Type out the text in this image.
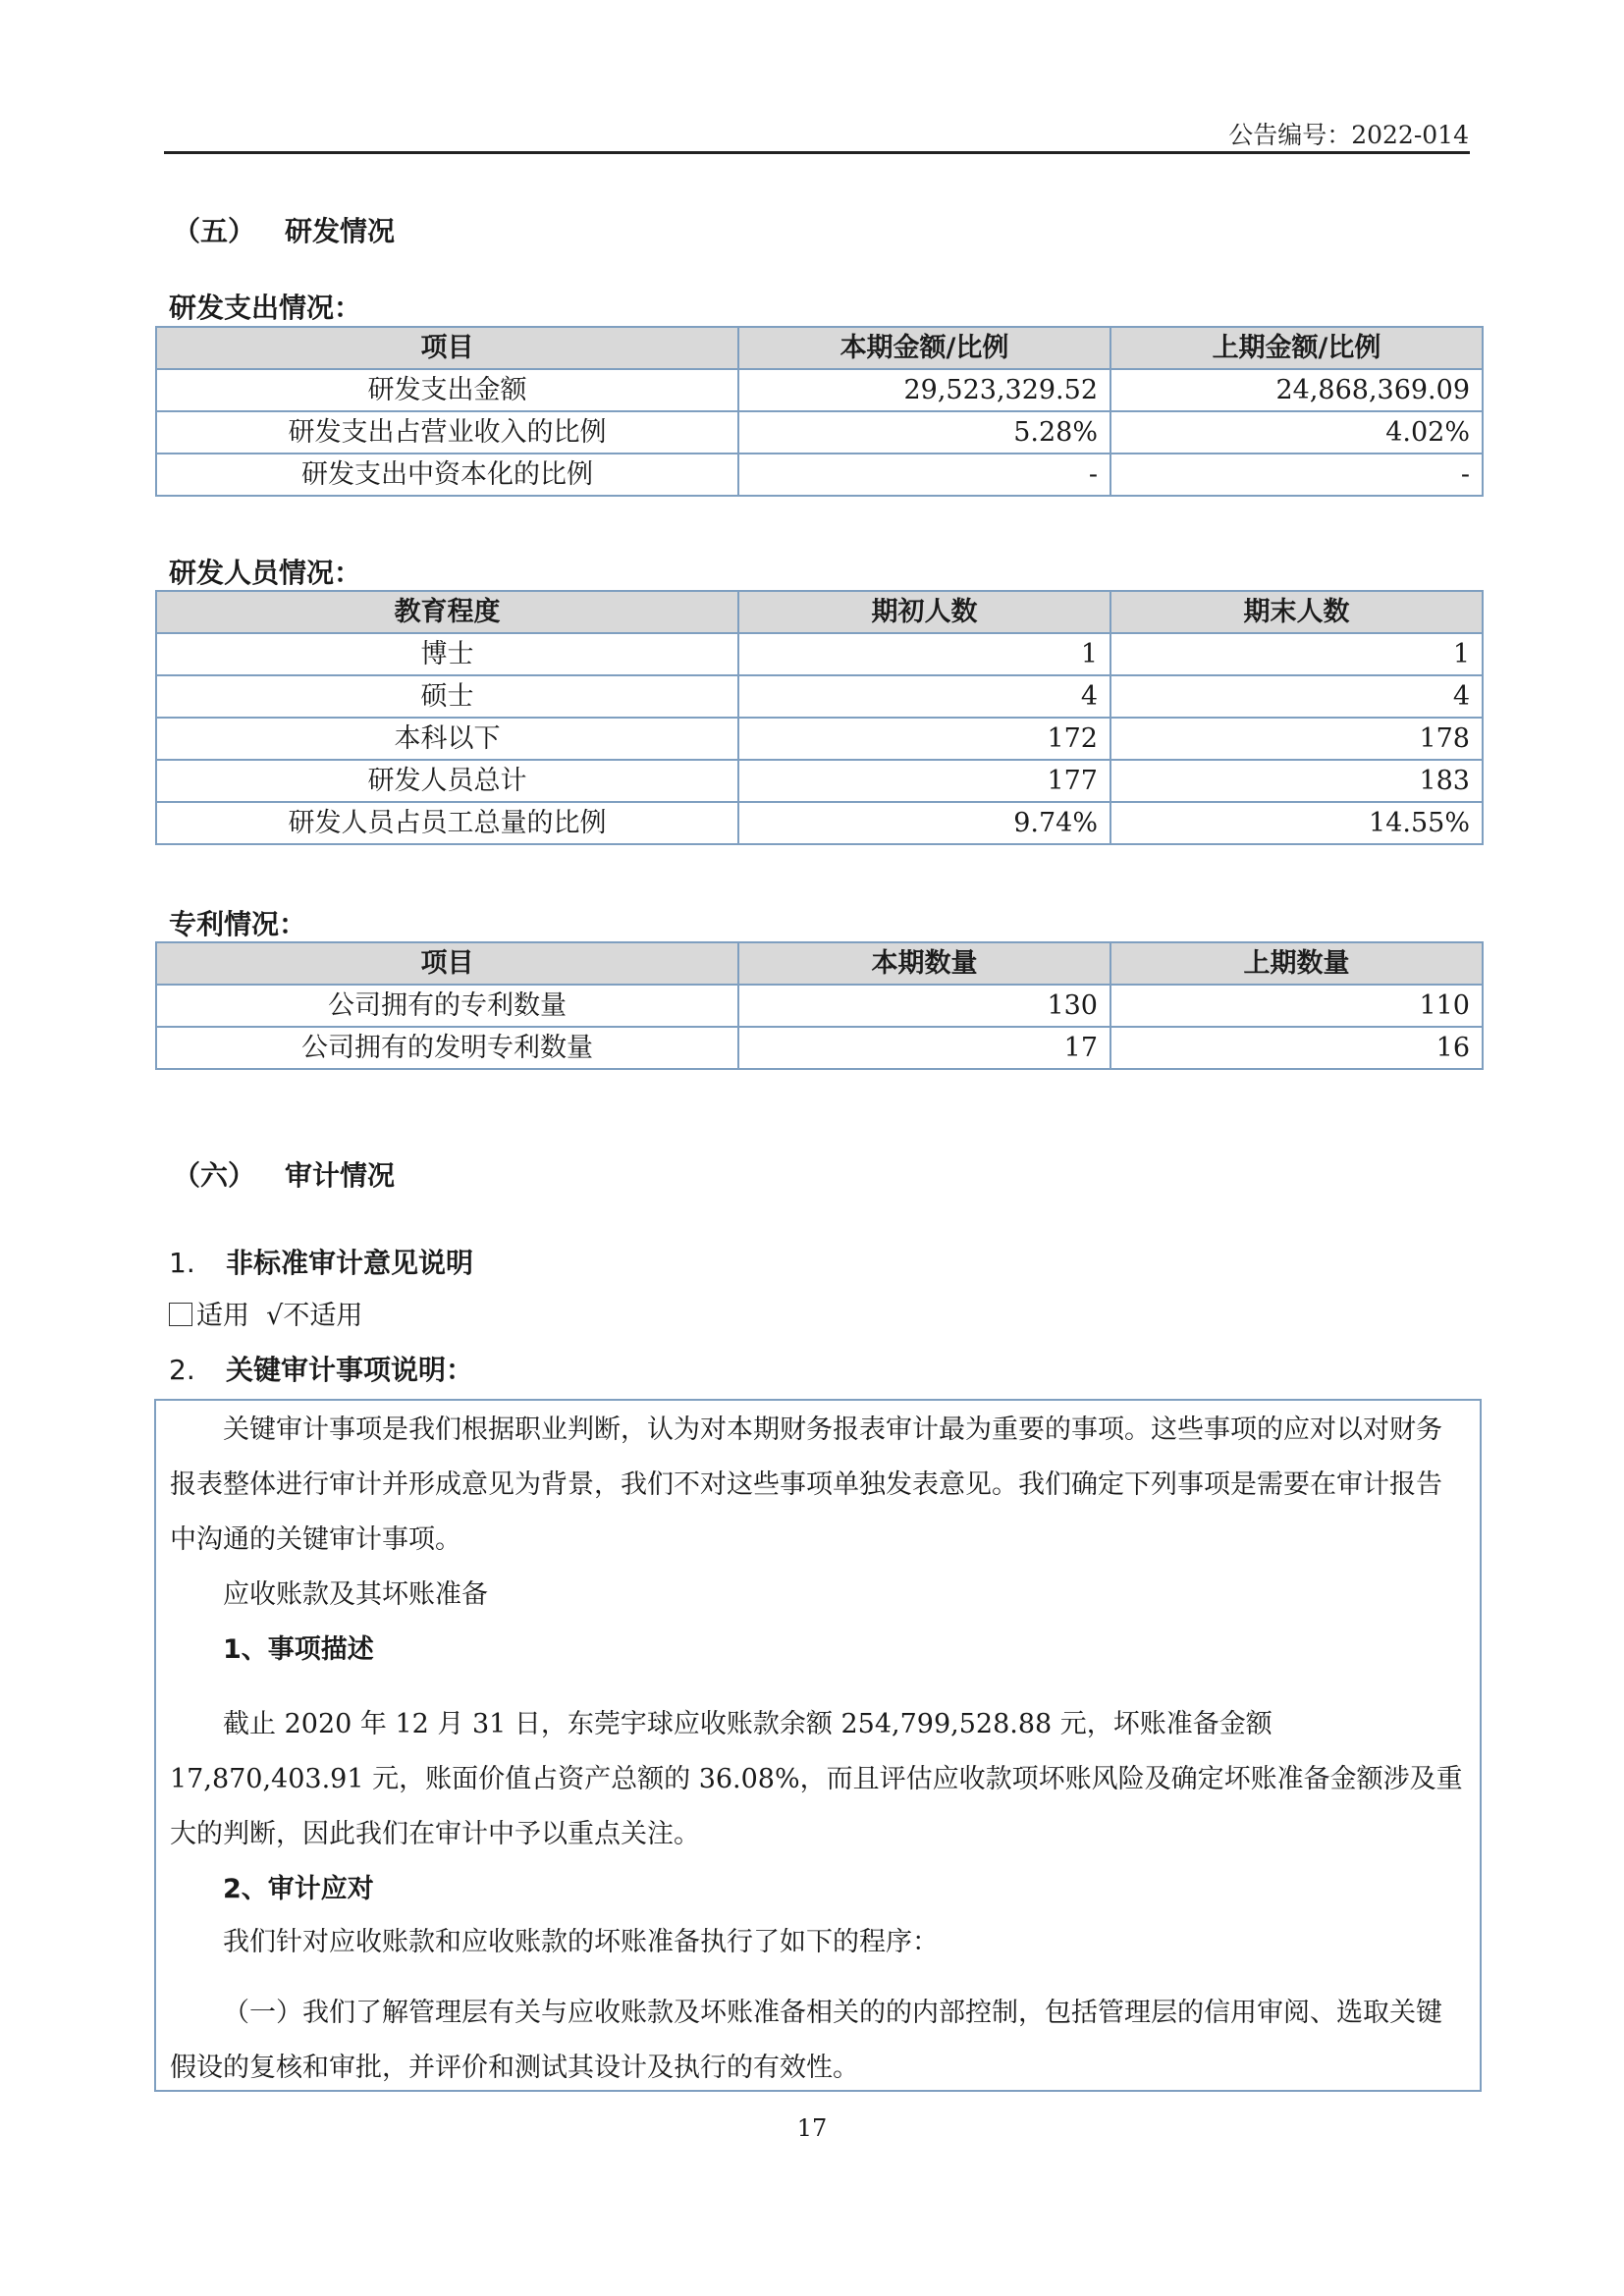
公告编号：2022-014
（五） 研发情况
研发支出情况：
项目	本期金额/比例	上期金额/比例
研发支出金额	29,523,329.52	24,868,369.09
研发支出占营业收入的比例	5.28%	4.02%
研发支出中资本化的比例	-	-
研发人员情况：
教育程度	期初人数	期末人数
博士	1	1
硕士	4	4
本科以下	172	178
研发人员总计	177	183
研发人员占员工总量的比例	9.74%	14.55%
专利情况：
项目	本期数量	上期数量
公司拥有的专利数量	130	110
公司拥有的发明专利数量	17	16
（六） 审计情况
1. 非标准审计意见说明
适用 √不适用
2. 关键审计事项说明：

关键审计事项是我们根据职业判断，认为对本期财务报表审计最为重要的事项。这些事项的应对以对财务报表整体进行审计并形成意见为背景，我们不对这些事项单独发表意见。我们确定下列事项是需要在审计报告中沟通的关键审计事项。

应收账款及其坏账准备

1、事项描述

截止 2020 年 12 月 31 日，东莞宇球应收账款余额 254,799,528.88 元，坏账准备金额 17,870,403.91 元，账面价值占资产总额的 36.08%，而且评估应收款项坏账风险及确定坏账准备金额涉及重大的判断，因此我们在审计中予以重点关注。

2、审计应对

我们针对应收账款和应收账款的坏账准备执行了如下的程序：

（一）我们了解管理层有关与应收账款及坏账准备相关的的内部控制，包括管理层的信用审阅、选取关键假设的复核和审批，并评价和测试其设计及执行的有效性。

17
